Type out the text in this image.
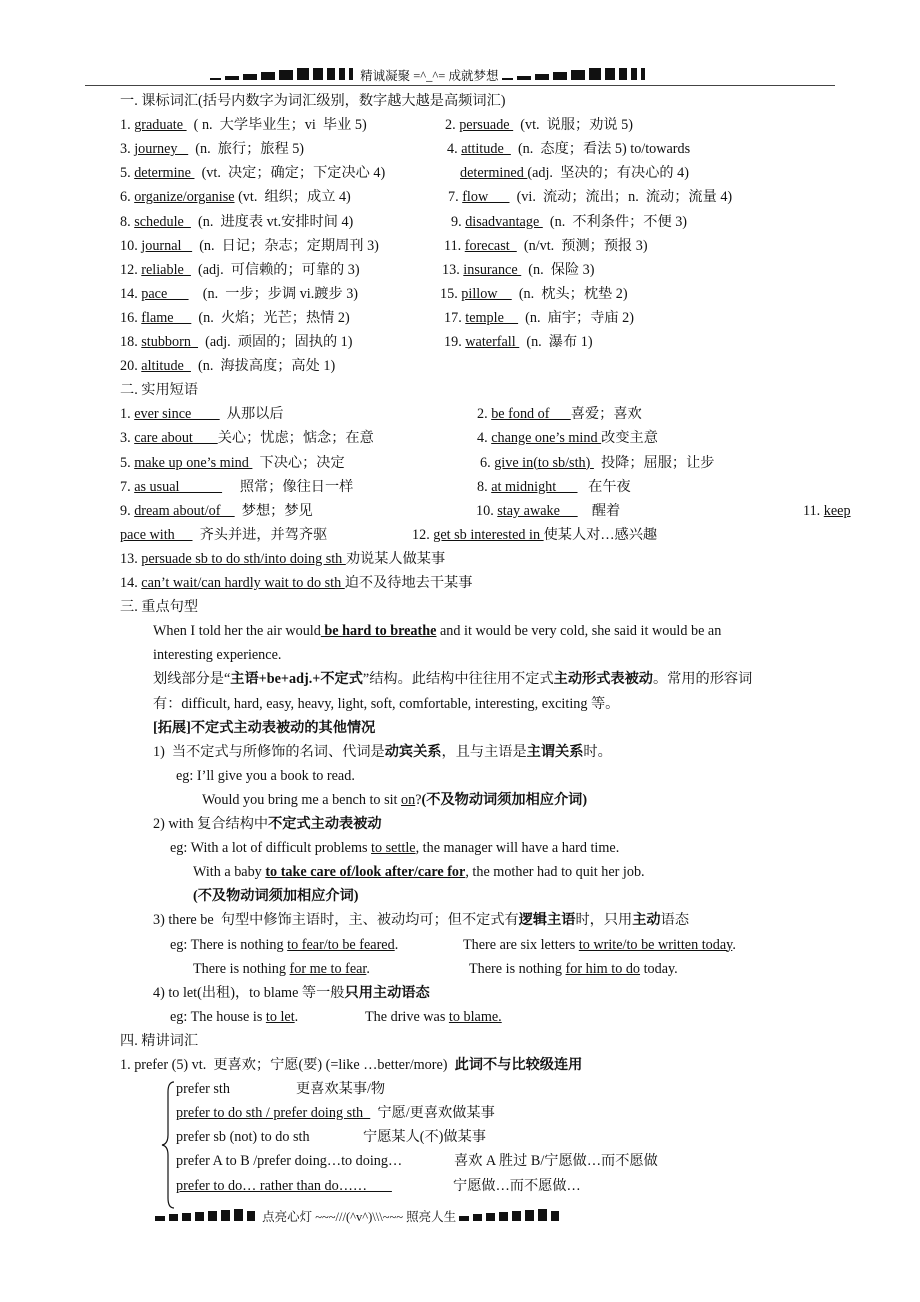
精诚凝聚 =^_^= 成就梦想
一. 课标词汇(括号内数字为词汇级别，数字越大越是高频词汇)
1. graduate   ( n.  大学毕业生；vi  毕业 5)	2. persuade   (vt.  说服；劝说 5)
3. journey     (n.  旅行；旅程 5)	4. attitude    (n.  态度；看法 5) to/towards
5. determine   (vt.  决定；确定；下定决心 4)	determined (adj.  坚决的；有决心的 4)
6. organize/organise (vt.  组织；成立 4)	7. flow        (vi.  流动；流出；n.  流动；流量 4)
8. schedule    (n.  进度表 vt.安排时间 4)	9. disadvantage   (n.  不利条件；不便 3)
10. journal     (n.  日记；杂志；定期周刊 3)	11. forecast    (n/vt.  预测；预报 3)
12. reliable    (adj.  可信赖的；可靠的 3)	13. insurance   (n.  保险 3)
14. pace          (n.  一步；步调 vi.踱步 3)	15. pillow      (n.  枕头；枕垫 2)
16. flame       (n.  火焰；光芒；热情 2)	17. temple      (n.  庙宇；寺庙 2)
18. stubborn    (adj.  顽固的；固执的 1)	19. waterfall   (n.  瀑布 1)
20. altitude    (n.  海拔高度；高处 1)
二. 实用短语
1. ever since          从那以后	2. be fond of      喜爱；喜欢
3. care about       关心；忧虑；惦念；在意	4. change one’s mind 改变主意
5. make up one’s mind   下决心；决定	6. give in(to sb/sth)   投降；屈服；让步
7. as usual                 照常；像往日一样	8. at midnight         在午夜
9. dream about/of      梦想；梦见	10. stay awake         醒着	11. keep
pace with       齐头并进，并驾齐驱	12. get sb interested in 使某人对…感兴趣
13. persuade sb to do sth/into doing sth 劝说某人做某事
14. can’t wait/can hardly wait to do sth 迫不及待地去干某事
三. 重点句型
When I told her the air would be hard to breathe and it would be very cold, she said it would be an
interesting experience.
划线部分是“主语+be+adj.+不定式”结构。此结构中往往用不定式主动形式表被动。常用的形容词
有：difficult, hard, easy, heavy, light, soft, comfortable, interesting, exciting 等。
[拓展]不定式主动表被动的其他情况
1)  当不定式与所修饰的名词、代词是动宾关系，且与主语是主谓关系时。
eg: I’ll give you a book to read.
Would you bring me a bench to sit on?(不及物动词须加相应介词)
2) with 复合结构中不定式主动表被动
eg: With a lot of difficult problems to settle, the manager will have a hard time.
With a baby to take care of/look after/care for, the mother had to quit her job.
(不及物动词须加相应介词)
3) there be  句型中修饰主语时，主、被动均可；但不定式有逻辑主语时，只用主动语态
eg: There is nothing to fear/to be feared.	There are six letters to write/to be written today.
There is nothing for me to fear.	There is nothing for him to do today.
4) to let(出租)，to blame 等一般只用主动语态
eg: The house is to let.	The drive was to blame.
四. 精讲词汇
1. prefer (5) vt.  更喜欢；宁愿(要) (=like …better/more)  此词不与比较级连用
prefer sth	更喜欢某事/物
prefer to do sth / prefer doing sth    宁愿/更喜欢做某事
prefer sb (not) to do sth	宁愿某人(不)做某事
prefer A to B /prefer doing…to doing…	喜欢 A 胜过 B/宁愿做…而不愿做
prefer to do… rather than do……	宁愿做…而不愿做…
点亮心灯 ~~~///(^v^)\\\~~~ 照亮人生
